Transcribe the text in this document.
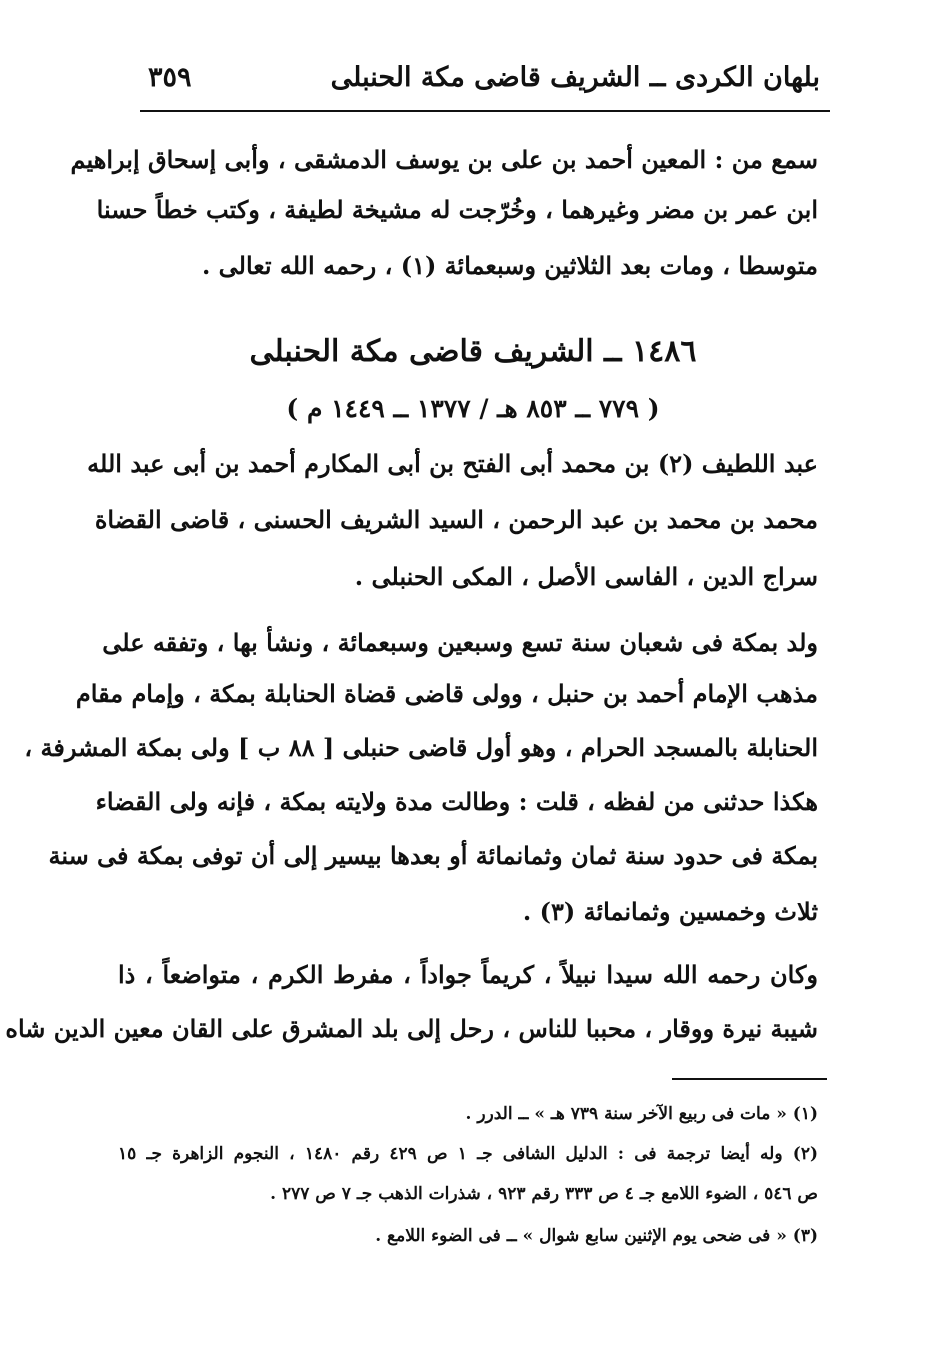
بلهان الكردى ــ الشريف قاضى مكة الحنبلى
٣٥٩
سمع من : المعين أحمد بن على بن يوسف الدمشقى ، وأبى إسحاق إبراهيم
ابن عمر بن مضر وغيرهما ، وخُرّجت له مشيخة لطيفة ، وكتب خطاً حسنا
متوسطا ، ومات بعد الثلاثين وسبعمائة (١) ، رحمه الله تعالى .
١٤٨٦ ــ الشريف قاضى مكة الحنبلى
( ٧٧٩ ــ ٨٥٣ هـ / ١٣٧٧ ــ ١٤٤٩ م )
عبد اللطيف (٢) بن محمد أبى الفتح بن أبى المكارم أحمد بن أبى عبد الله
محمد بن محمد بن عبد الرحمن ، السيد الشريف الحسنى ، قاضى القضاة
سراج الدين ، الفاسى الأصل ، المكى الحنبلى .
ولد بمكة فى شعبان سنة تسع وسبعين وسبعمائة ، ونشأ بها ، وتفقه على
مذهب الإمام أحمد بن حنبل ، وولى قاضى قضاة الحنابلة بمكة ، وإمام مقام
الحنابلة بالمسجد الحرام ، وهو أول قاضى حنبلى [ ٨٨ ب ] ولى بمكة المشرفة ،
هكذا حدثنى من لفظه ، قلت : وطالت مدة ولايته بمكة ، فإنه ولى القضاء
بمكة فى حدود سنة ثمان وثمانمائة أو بعدها بيسير إلى أن توفى بمكة فى سنة
ثلاث وخمسين وثمانمائة (٣) .
وكان رحمه الله سيدا نبيلاً ، كريماً جواداً ، مفرط الكرم ، متواضعاً ، ذا
شيبة نيرة ووقار ، محببا للناس ، رحل إلى بلد المشرق على القان معين الدين شاه
(١) « مات فى ربيع الآخر سنة ٧٣٩ هـ » ــ الدرر .
(٢) وله أيضا ترجمة فى : الدليل الشافى جـ ١ ص ٤٢٩ رقم ١٤٨٠ ، النجوم الزاهرة جـ ١٥
ص ٥٤٦ ، الضوء اللامع جـ ٤ ص ٣٣٣ رقم ٩٢٣ ، شذرات الذهب جـ ٧ ص ٢٧٧ .
(٣) « فى ضحى يوم الإثنين سابع شوال » ــ فى الضوء اللامع .
